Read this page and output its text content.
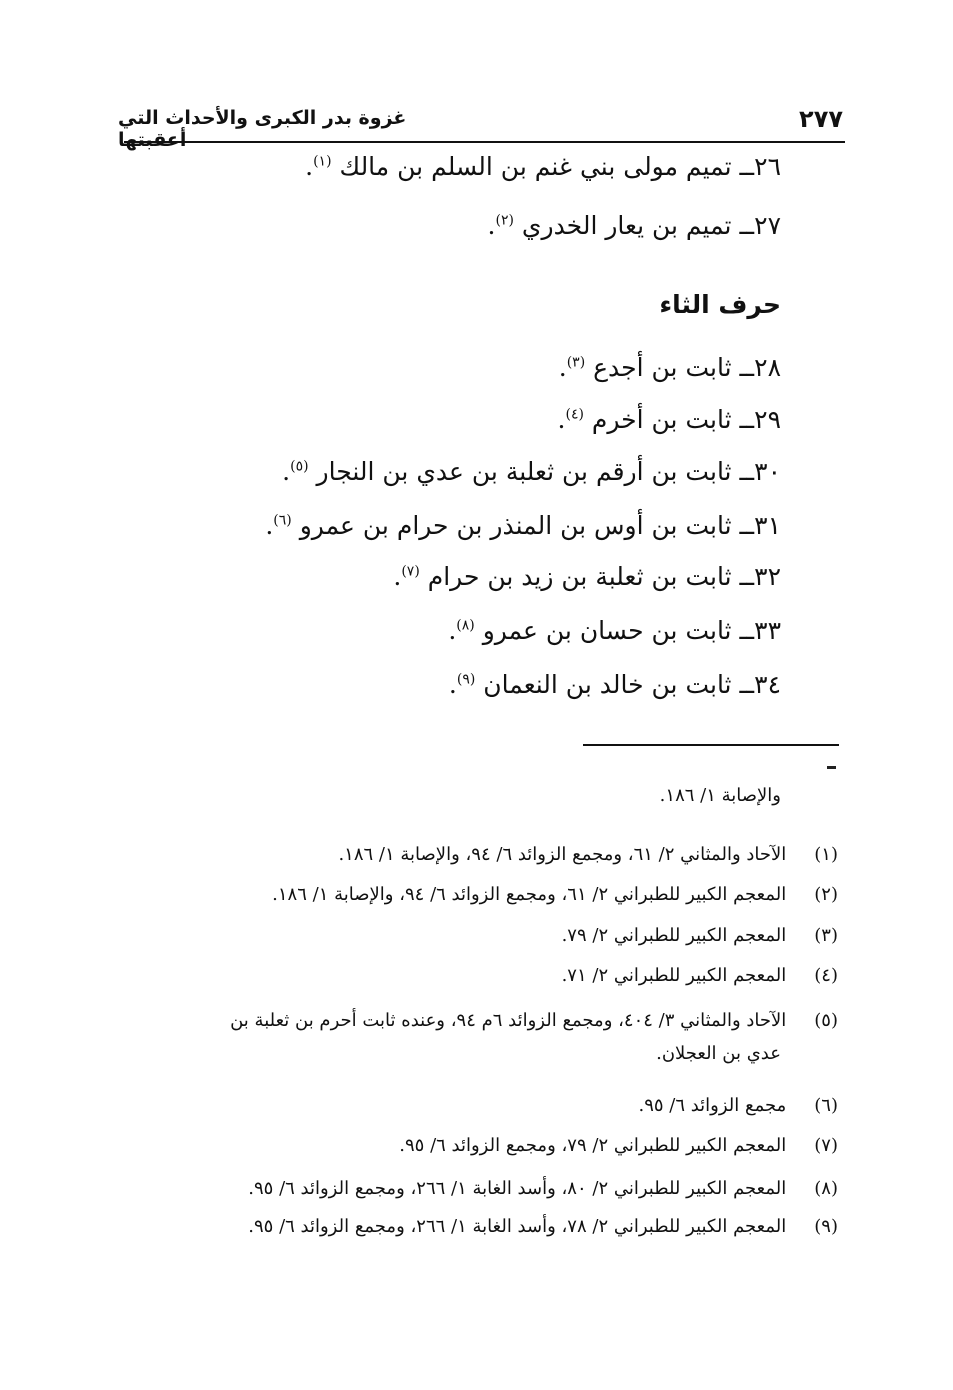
٢٧٧
غزوة بدر الكبرى والأحداث التي أعقبتها
٢٦ــ تميم مولى بني غنم بن السلم بن مالك $^{(١)}$.
٢٧ــ تميم بن يعار الخدري $^{(٢)}$.
حرف الثاء
٢٨ــ ثابت بن أجدع $^{(٣)}$.
٢٩ــ ثابت بن أخرم $^{(٤)}$.
٣٠ــ ثابت بن أرقم بن ثعلبة بن عدي بن النجار $^{(٥)}$.
٣١ــ ثابت بن أوس بن المنذر بن حرام بن عمرو $^{(٦)}$.
٣٢ــ ثابت بن ثعلبة بن زيد بن حرام $^{(٧)}$.
٣٣ــ ثابت بن حسان بن عمرو $^{(٨)}$.
٣٤ــ ثابت بن خالد بن النعمان $^{(٩)}$.
والإصابة ١/ ١٨٦.
(١) الآحاد والمثاني ٢/ ٦١، ومجمع الزوائد ٦/ ٩٤، والإصابة ١/ ١٨٦.
(٢) المعجم الكبير للطبراني ٢/ ٦١، ومجمع الزوائد ٦/ ٩٤، والإصابة ١/ ١٨٦.
(٣) المعجم الكبير للطبراني ٢/ ٧٩.
(٤) المعجم الكبير للطبراني ٢/ ٧١.
(٥) الآحاد والمثاني ٣/ ٤٠٤، ومجمع الزوائد ٦م ٩٤، وعنده ثابت أحرم بن ثعلبة بن
عدي بن العجلان.
(٦) مجمع الزوائد ٦/ ٩٥.
(٧) المعجم الكبير للطبراني ٢/ ٧٩، ومجمع الزوائد ٦/ ٩٥.
(٨) المعجم الكبير للطبراني ٢/ ٨٠، وأسد الغابة ١/ ٢٦٦، ومجمع الزوائد ٦/ ٩٥.
(٩) المعجم الكبير للطبراني ٢/ ٧٨، وأسد الغابة ١/ ٢٦٦، ومجمع الزوائد ٦/ ٩٥.
